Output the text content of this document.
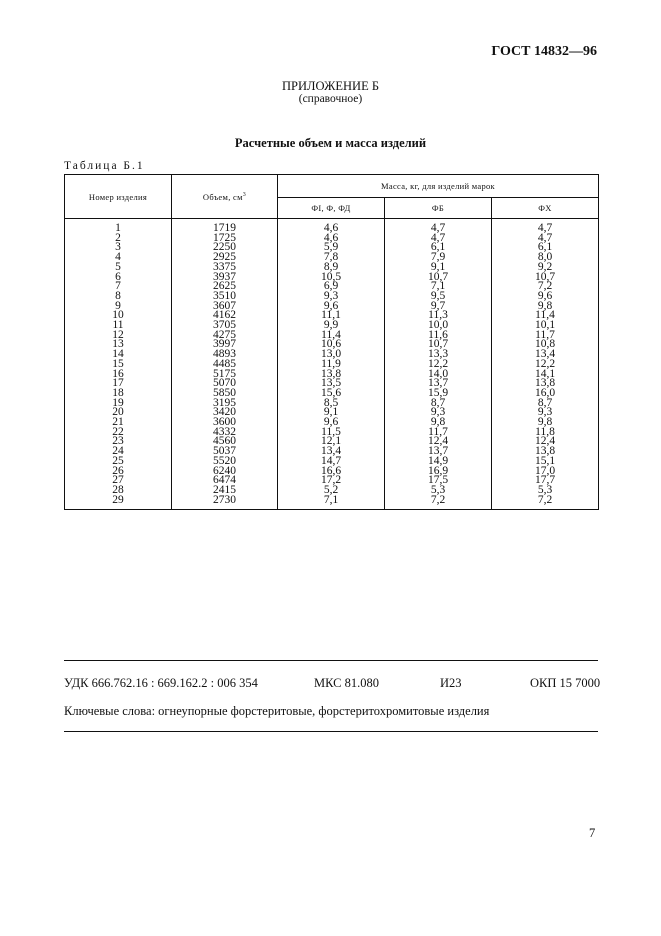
ГОСТ 14832—96
ПРИЛОЖЕНИЕ Б
(справочное)
Расчетные объем и масса изделий
Таблица Б.1
Номер изделия	Объем, $см^3$	Масса, кг, для изделий марок		
		ФI, Ф, ФД	ФБ	ФХ
1	1719	4,6	4,7	4,7
2	1725	4,6	4,7	4,7
3	2250	5,9	6,1	6,1
4	2925	7,8	7,9	8,0
5	3375	8,9	9,1	9,2
6	3937	10,5	10,7	10,7
7	2625	6,9	7,1	7,2
8	3510	9,3	9,5	9,6
9	3607	9,6	9,7	9,8
10	4162	11,1	11,3	11,4
11	3705	9,9	10,0	10,1
12	4275	11,4	11,6	11,7
13	3997	10,6	10,7	10,8
14	4893	13,0	13,3	13,4
15	4485	11,9	12,2	12,2
16	5175	13,8	14,0	14,1
17	5070	13,5	13,7	13,8
18	5850	15,6	15,9	16,0
19	3195	8,5	8,7	8,7
20	3420	9,1	9,3	9,3
21	3600	9,6	9,8	9,8
22	4332	11,5	11,7	11,8
23	4560	12,1	12,4	12,4
24	5037	13,4	13,7	13,8
25	5520	14,7	14,9	15,1
26	6240	16,6	16,9	17,0
27	6474	17,2	17,5	17,7
28	2415	5,2	5,3	5,3
29	2730	7,1	7,2	7,2
УДК 666.762.16 : 669.162.2 : 006 354	МКС 81.080	И23	ОКП 15 7000
Ключевые слова: огнеупорные форстеритовые, форстеритохромитовые изделия
7
